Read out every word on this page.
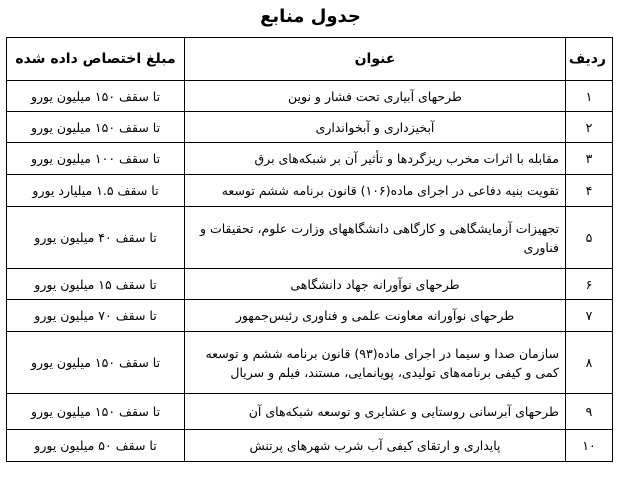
جدول منابع
ردیف	عنوان	مبلغ اختصاص داده شده
۱	طرحهای آبیاری تحت فشار و نوین	تا سقف ۱۵۰ میلیون یورو
۲	آبخیزداری و آبخوانداری	تا سقف ۱۵۰ میلیون یورو
۳	مقابله با اثرات مخرب ریزگردها و تأثیر آن بر شبکه‌های برق	تا سقف ۱۰۰ میلیون یورو
۴	تقویت بنیه دفاعی در اجرای ماده(۱۰۶) قانون برنامه ششم توسعه	تا سقف ۱.۵ میلیارد یورو
۵	تجهیزات آزمایشگاهی و کارگاهی دانشگاههای وزارت علوم، تحقیقات و فناوری	تا سقف ۴۰ میلیون یورو
۶	طرحهای نوآورانه جهاد دانشگاهی	تا سقف ۱۵ میلیون یورو
۷	طرحهای نوآورانه معاونت علمی و فناوری رئیس‌جمهور	تا سقف ۷۰ میلیون یورو
۸	سازمان صدا و سیما در اجرای ماده(۹۳) قانون برنامه ششم و توسعه کمی و کیفی برنامه‌های تولیدی، پویانمایی، مستند، فیلم و سریال	تا سقف ۱۵۰ میلیون یورو
۹	طرحهای آبرسانی روستایی و عشایری و توسعه شبکه‌های آن	تا سقف ۱۵۰ میلیون یورو
۱۰	پایداری و ارتقای کیفی آب شرب شهرهای پرتنش	تا سقف ۵۰ میلیون یورو
